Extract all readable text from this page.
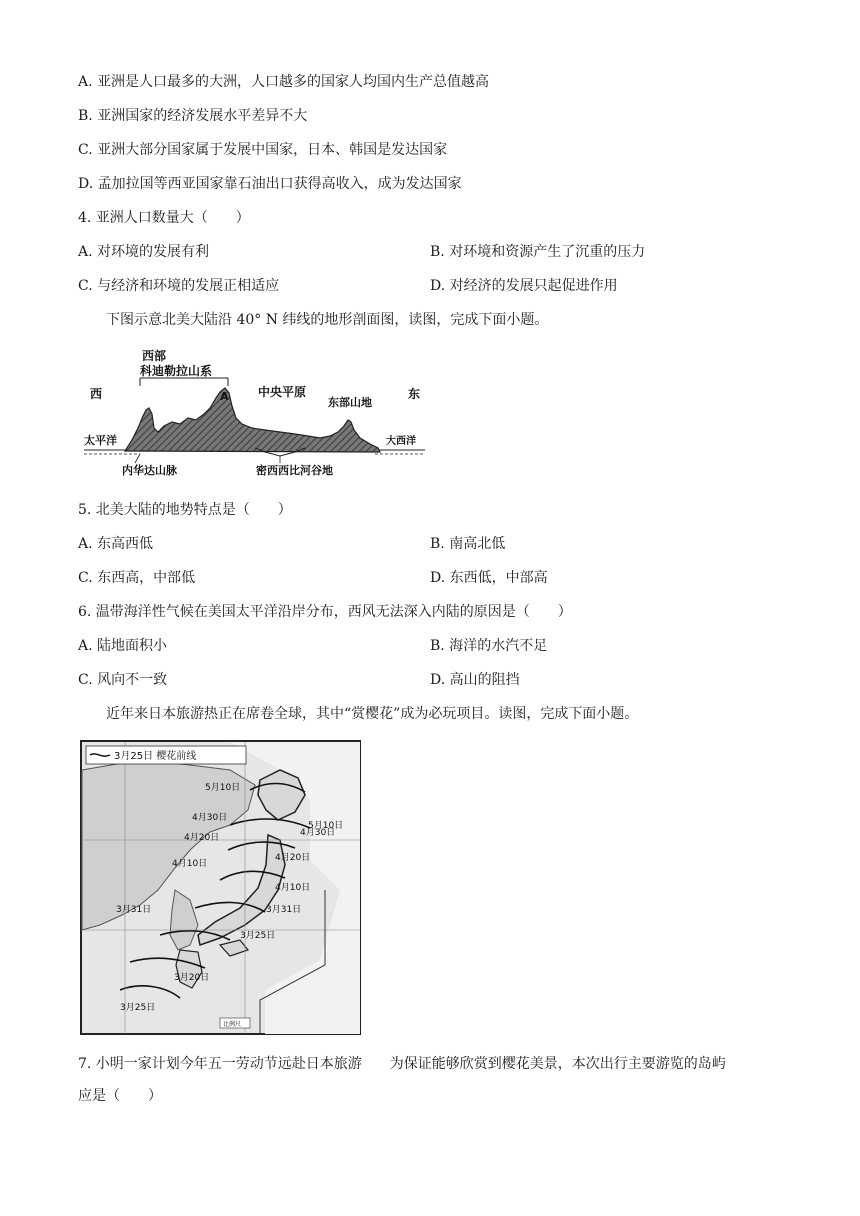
A. 亚洲是人口最多的大洲，人口越多的国家人均国内生产总值越高
B. 亚洲国家的经济发展水平差异不大
C. 亚洲大部分国家属于发展中国家，日本、韩国是发达国家
D. 孟加拉国等西亚国家靠石油出口获得高收入，成为发达国家
4. 亚洲人口数量大（　　）
A. 对环境的发展有利	B. 对环境和资源产生了沉重的压力
C. 与经济和环境的发展正相适应	D. 对经济的发展只起促进作用
下图示意北美大陆沿 40° N 纬线的地形剖面图，读图，完成下面小题。
西部
科迪勒拉山系
西	东
A 中央平原
东部山地
太平洋	大西洋
内华达山脉	密西西比河谷地
5. 北美大陆的地势特点是（　　）
A. 东高西低	B. 南高北低
C. 东西高，中部低	D. 东西低，中部高
6. 温带海洋性气候在美国太平洋沿岸分布，西风无法深入内陆的原因是（　　）
A. 陆地面积小	B. 海洋的水汽不足
C. 风向不一致	D. 高山的阻挡
近年来日本旅游热正在席卷全球，其中“赏樱花”成为必玩项目。读图，完成下面小题。
3月25日 樱花前线
5月10日
5月10日
4月30日
4月30日
4月20日
4月20日
4月10日
4月10日
3月31日	3月31日
3月25日
3月20日
3月25日
比例尺
7. 小明一家计划今年五一劳动节远赴日本旅游　　为保证能够欣赏到樱花美景，本次出行主要游览的岛屿
应是（　　）
